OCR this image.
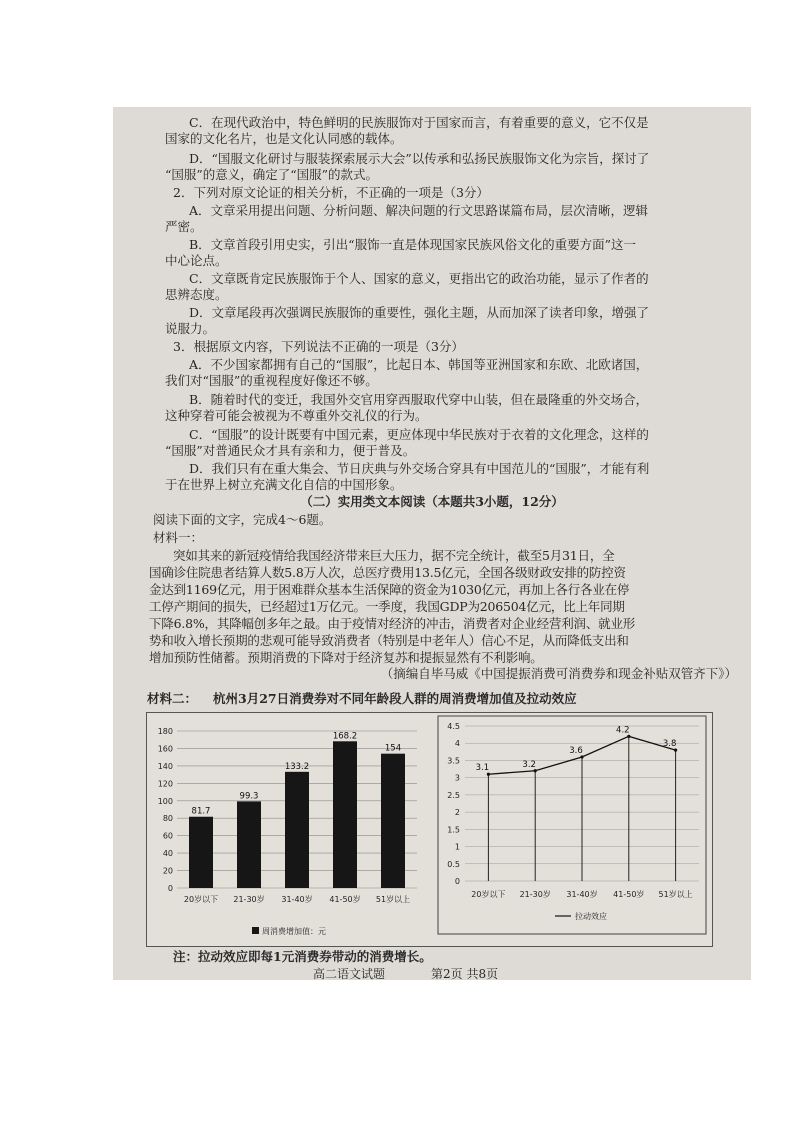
C．在现代政治中，特色鲜明的民族服饰对于国家而言，有着重要的意义，它不仅是
国家的文化名片，也是文化认同感的载体。
D．“国服文化研讨与服装探索展示大会”以传承和弘扬民族服饰文化为宗旨，探讨了
“国服”的意义，确定了“国服”的款式。
2．下列对原文论证的相关分析，不正确的一项是（3分）
A．文章采用提出问题、分析问题、解决问题的行文思路谋篇布局，层次清晰，逻辑
严密。
B．文章首段引用史实，引出“服饰一直是体现国家民族风俗文化的重要方面”这一
中心论点。
C．文章既肯定民族服饰于个人、国家的意义，更指出它的政治功能，显示了作者的
思辨态度。
D．文章尾段再次强调民族服饰的重要性，强化主题，从而加深了读者印象，增强了
说服力。
3．根据原文内容，下列说法不正确的一项是（3分）
A．不少国家都拥有自己的“国服”，比起日本、韩国等亚洲国家和东欧、北欧诸国，
我们对“国服”的重视程度好像还不够。
B．随着时代的变迁，我国外交官用穿西服取代穿中山装，但在最隆重的外交场合，
这种穿着可能会被视为不尊重外交礼仪的行为。
C．“国服”的设计既要有中国元素，更应体现中华民族对于衣着的文化理念，这样的
“国服”对普通民众才具有亲和力，便于普及。
D．我们只有在重大集会、节日庆典与外交场合穿具有中国范儿的“国服”，才能有利
于在世界上树立充满文化自信的中国形象。
（二）实用类文本阅读（本题共3小题，12分）
阅读下面的文字，完成4～6题。
材料一：
突如其来的新冠疫情给我国经济带来巨大压力，据不完全统计，截至5月31日，全
国确诊住院患者结算人数5.8万人次，总医疗费用13.5亿元，全国各级财政安排的防控资
金达到1169亿元，用于困难群众基本生活保障的资金为1030亿元，再加上各行各业在停
工停产期间的损失，已经超过1万亿元。一季度，我国GDP为206504亿元，比上年同期
下降6.8%，其降幅创多年之最。由于疫情对经济的冲击，消费者对企业经营利润、就业形
势和收入增长预期的悲观可能导致消费者（特别是中老年人）信心不足，从而降低支出和
增加预防性储蓄。预期消费的下降对于经济复苏和提振显然有不利影响。
（摘编自毕马威《中国提振消费可消费券和现金补贴双管齐下》）
材料二：	杭州3月27日消费券对不同年龄段人群的周消费增加值及拉动效应
0
20
40
60
80
100
120
140
160
180
81.7
20岁以下
99.3
21-30岁
133.2
31-40岁
168.2
41-50岁
154
51岁以上
周消费增加值：元
0
0.5
1
1.5
2
2.5
3
3.5
4
4.5
3.1
20岁以下
3.2
21-30岁
3.6
31-40岁
4.2
41-50岁
3.8
51岁以上
拉动效应
注：拉动效应即每1元消费券带动的消费增长。
高二语文试题	第2页 共8页
